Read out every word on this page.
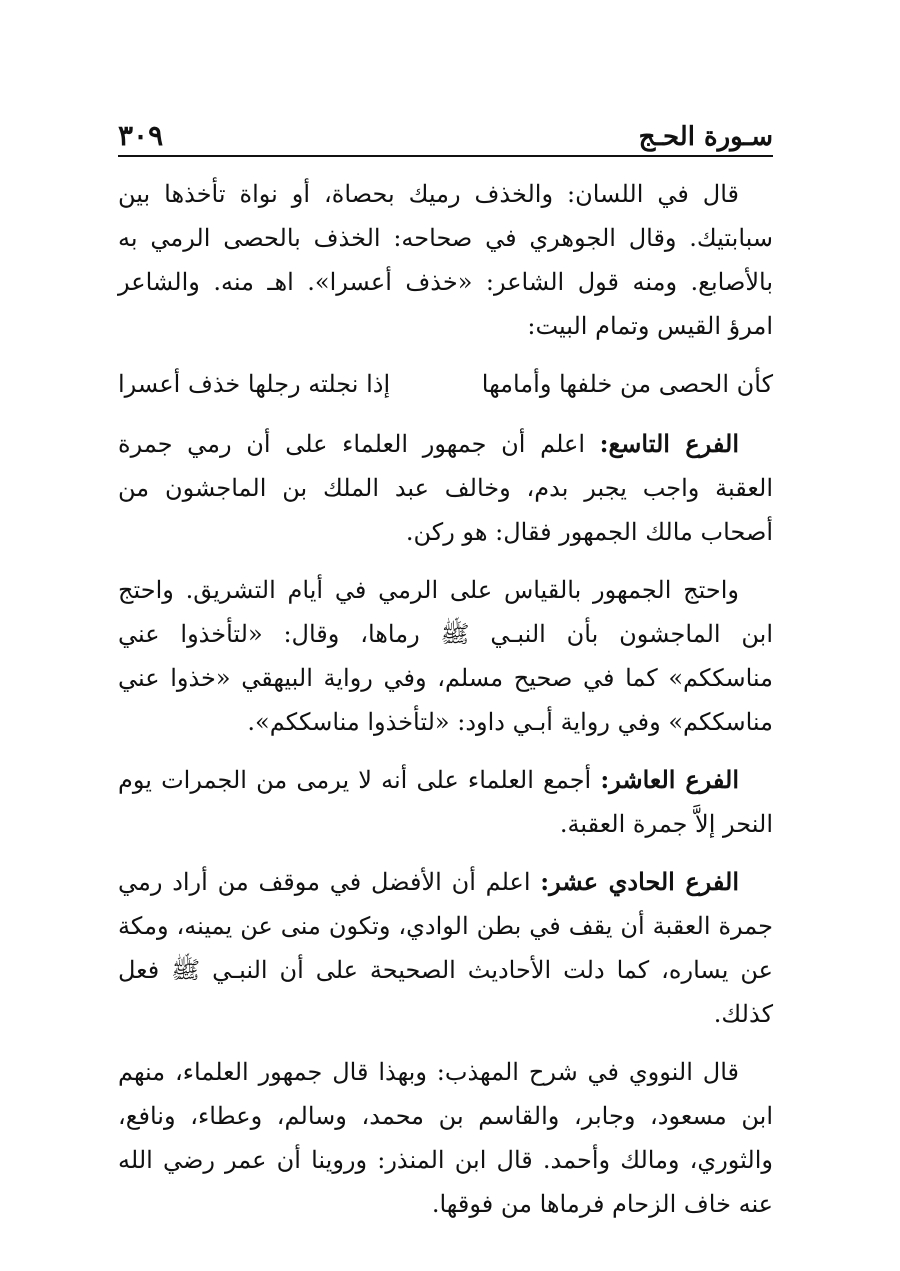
سـورة الحـج
٣٠٩

قال في اللسان: والخذف رميك بحصاة، أو نواة تأخذها بين سبابتيك. وقال الجوهري في صحاحه: الخذف بالحصى الرمي به بالأصابع. ومنه قول الشاعر: «خذف أعسرا». اهـ منه. والشاعر امرؤ القيس وتمام البيت:

كأن الحصى من خلفها وأمامها
إذا نجلته رجلها خذف أعسرا

الفرع التاسع: اعلم أن جمهور العلماء على أن رمي جمرة العقبة واجب يجبر بدم، وخالف عبد الملك بن الماجشون من أصحاب مالك الجمهور فقال: هو ركن.

واحتج الجمهور بالقياس على الرمي في أيام التشريق. واحتج ابن الماجشون بأن النبـي ﷺ رماها، وقال: «لتأخذوا عني مناسككم» كما في صحيح مسلم، وفي رواية البيهقي «خذوا عني مناسككم» وفي رواية أبـي داود: «لتأخذوا مناسككم».

الفرع العاشر: أجمع العلماء على أنه لا يرمى من الجمرات يوم النحر إلاَّ جمرة العقبة.

الفرع الحادي عشر: اعلم أن الأفضل في موقف من أراد رمي جمرة العقبة أن يقف في بطن الوادي، وتكون منى عن يمينه، ومكة عن يساره، كما دلت الأحاديث الصحيحة على أن النبـي ﷺ فعل كذلك.

قال النووي في شرح المهذب: وبهذا قال جمهور العلماء، منهم ابن مسعود، وجابر، والقاسم بن محمد، وسالم، وعطاء، ونافع، والثوري، ومالك وأحمد. قال ابن المنذر: وروينا أن عمر رضي الله عنه خاف الزحام فرماها من فوقها.
